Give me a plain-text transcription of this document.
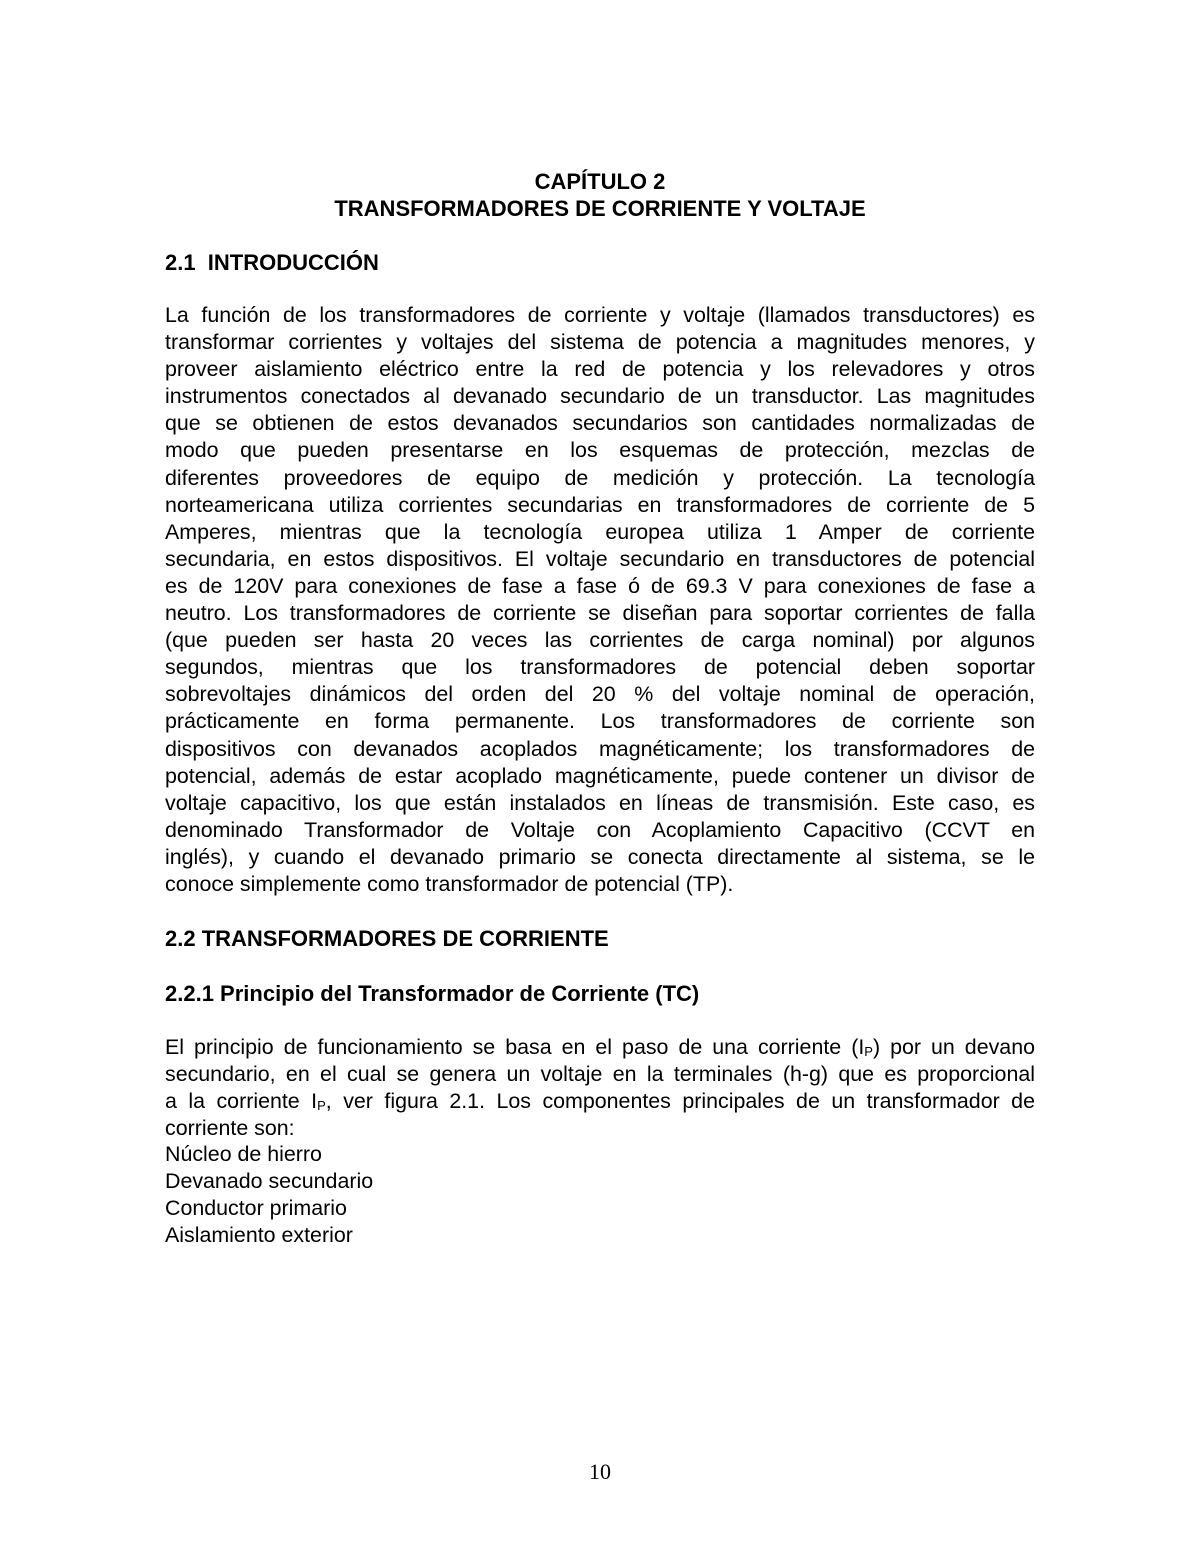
CAPÍTULO 2
TRANSFORMADORES DE CORRIENTE Y VOLTAJE
2.1  INTRODUCCIÓN
La función de los transformadores de corriente y voltaje (llamados transductores) es
transformar corrientes y voltajes del sistema de potencia a magnitudes menores, y
proveer aislamiento eléctrico entre la red de potencia y los relevadores y otros
instrumentos conectados al devanado secundario de un transductor. Las magnitudes
que se obtienen de estos devanados secundarios son cantidades normalizadas de
modo que pueden presentarse en los esquemas de protección, mezclas de
diferentes proveedores de equipo de medición y protección. La tecnología
norteamericana utiliza corrientes secundarias en transformadores de corriente de 5
Amperes, mientras que la tecnología europea utiliza 1 Amper de corriente
secundaria, en estos dispositivos. El voltaje secundario en transductores de potencial
es de 120V para conexiones de fase a fase ó de 69.3 V para conexiones de fase a
neutro. Los transformadores de corriente se diseñan para soportar corrientes de falla
(que pueden ser hasta 20 veces las corrientes de carga nominal) por algunos
segundos, mientras que los transformadores de potencial deben soportar
sobrevoltajes dinámicos del orden del 20 % del voltaje nominal de operación,
prácticamente en forma permanente. Los transformadores de corriente son
dispositivos con devanados acoplados magnéticamente; los transformadores de
potencial, además de estar acoplado magnéticamente, puede contener un divisor de
voltaje capacitivo, los que están instalados en líneas de transmisión. Este caso, es
denominado Transformador de Voltaje con Acoplamiento Capacitivo (CCVT en
inglés), y cuando el devanado primario se conecta directamente al sistema, se le
conoce simplemente como transformador de potencial (TP).
2.2 TRANSFORMADORES DE CORRIENTE
2.2.1 Principio del Transformador de Corriente (TC)
El principio de funcionamiento se basa en el paso de una corriente (IP) por un devano
secundario, en el cual se genera un voltaje en la terminales (h-g) que es proporcional
a la corriente IP, ver figura 2.1. Los componentes principales de un transformador de
corriente son:
Núcleo de hierro
Devanado secundario
Conductor primario
Aislamiento exterior
10
